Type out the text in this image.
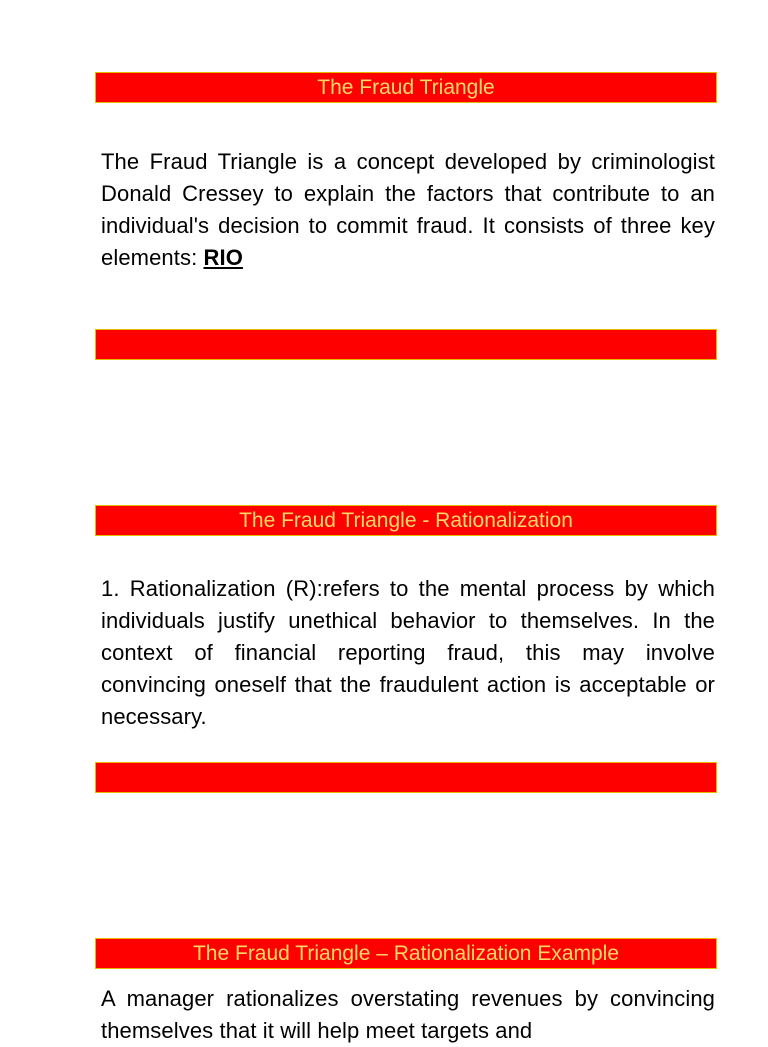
The Fraud Triangle
The Fraud Triangle is a concept developed by criminologist Donald Cressey to explain the factors that contribute to an individual's decision to commit fraud. It consists of three key elements: RIO
The Fraud Triangle - Rationalization
1. Rationalization (R):refers to the mental process by which individuals justify unethical behavior to themselves. In the context of financial reporting fraud, this may involve convincing oneself that the fraudulent action is acceptable or necessary.
The Fraud Triangle – Rationalization Example
A manager rationalizes overstating revenues by convincing themselves that it will help meet targets and
